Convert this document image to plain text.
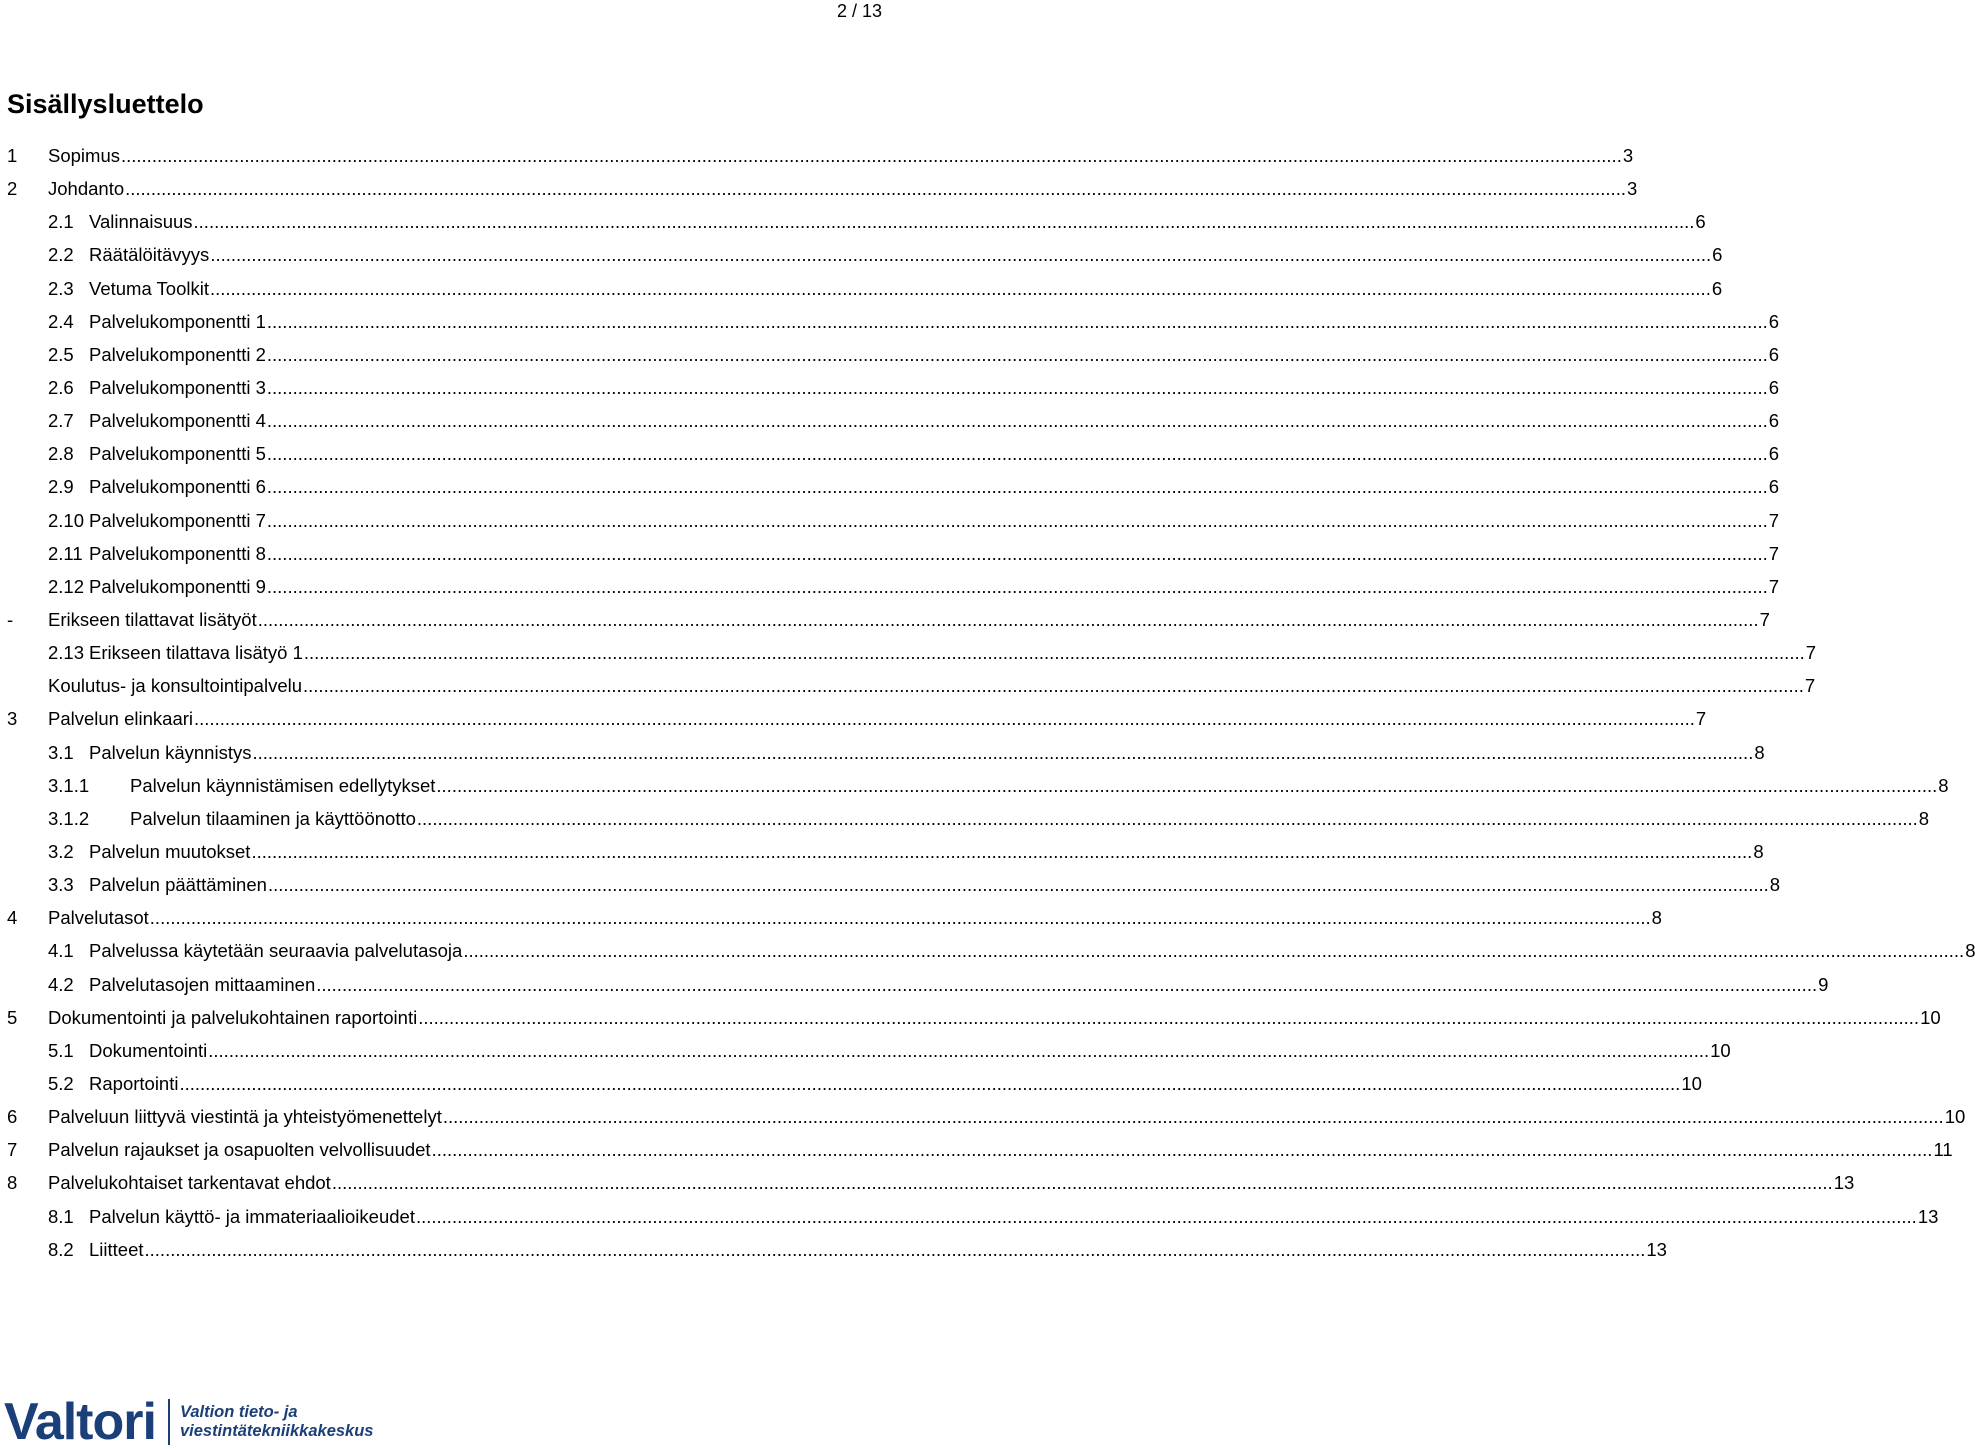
2 / 13
Sisällysluettelo
1 Sopimus .....	3
2 Johdanto .....	3
2.1 Valinnaisuus .....	6
2.2 Räätälöitävyys .....	6
2.3 Vetuma Toolkit .....	6
2.4 Palvelukomponentti 1 .....	6
2.5 Palvelukomponentti 2 .....	6
2.6 Palvelukomponentti 3 .....	6
2.7 Palvelukomponentti 4 .....	6
2.8 Palvelukomponentti 5 .....	6
2.9 Palvelukomponentti 6 .....	6
2.10 Palvelukomponentti 7 .....	7
2.11 Palvelukomponentti 8 .....	7
2.12 Palvelukomponentti 9 .....	7
- Erikseen tilattavat lisätyöt .....	7
2.13 Erikseen tilattava lisätyö 1 .....	7
Koulutus- ja konsultointipalvelu .....	7
3 Palvelun elinkaari .....	7
3.1 Palvelun käynnistys .....	8
3.1.1 Palvelun käynnistämisen edellytykset .....	8
3.1.2 Palvelun tilaaminen ja käyttöönotto .....	8
3.2 Palvelun muutokset .....	8
3.3 Palvelun päättäminen .....	8
4 Palvelutasot .....	8
4.1 Palvelussa käytetään seuraavia palvelutasoja .....	8
4.2 Palvelutasojen mittaaminen .....	9
5 Dokumentointi ja palvelukohtainen raportointi .....	10
5.1 Dokumentointi .....	10
5.2 Raportointi .....	10
6 Palveluun liittyvä viestintä ja yhteistyömenettelyt .....	10
7 Palvelun rajaukset ja osapuolten velvollisuudet .....	11
8 Palvelukohtaiset tarkentavat ehdot .....	13
8.1 Palvelun käyttö- ja immateriaalioikeudet .....	13
8.2 Liitteet .....	13
Valtori Valtion tieto- ja
viestintätekniikkakeskus
